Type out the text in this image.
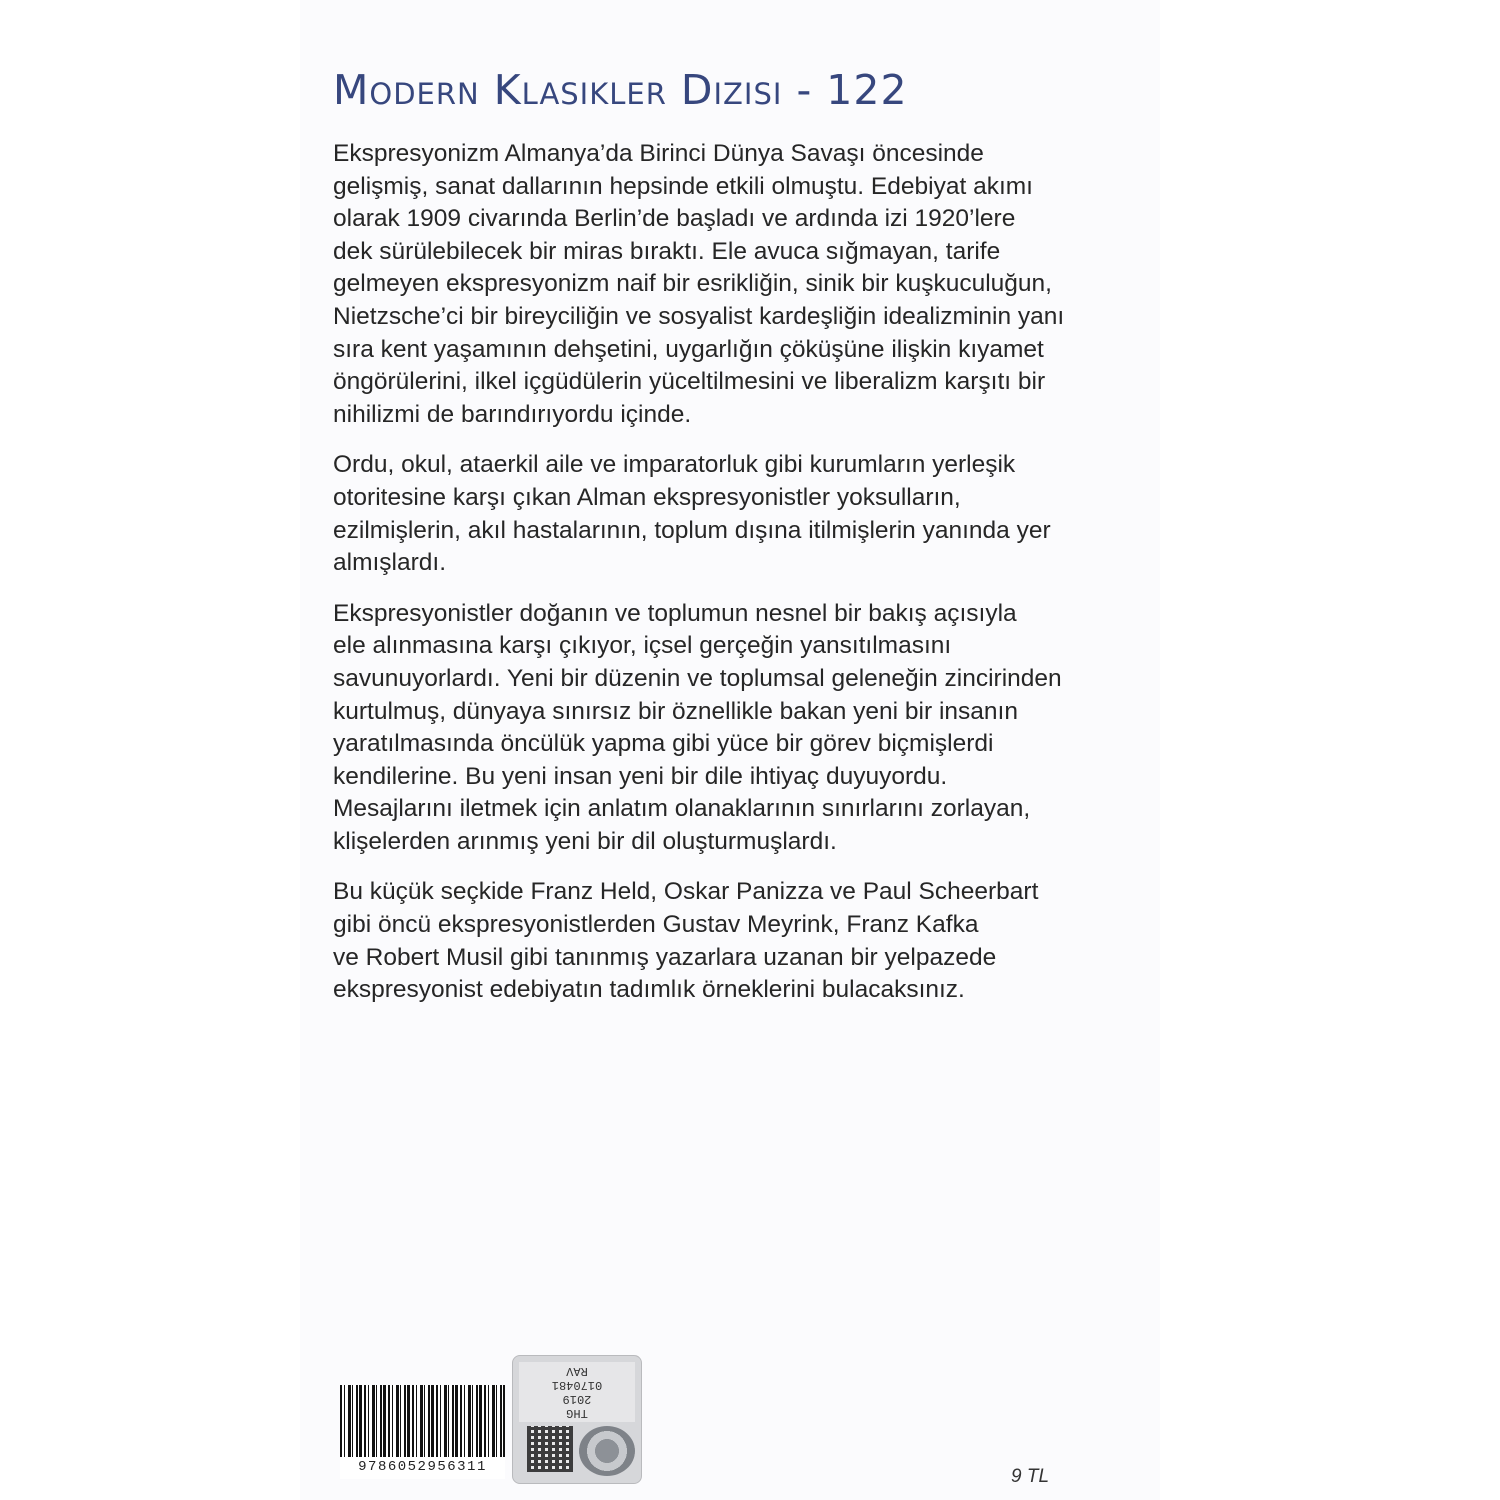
Modern Klasikler Dizisi - 122

Ekspresyonizm Almanya’da Birinci Dünya Savaşı öncesinde
gelişmiş, sanat dallarının hepsinde etkili olmuştu. Edebiyat akımı
olarak 1909 civarında Berlin’de başladı ve ardında izi 1920’lere
dek sürülebilecek bir miras bıraktı. Ele avuca sığmayan, tarife
gelmeyen ekspresyonizm naif bir esrikliğin, sinik bir kuşkuculuğun,
Nietzsche’ci bir bireyciliğin ve sosyalist kardeşliğin idealizminin yanı
sıra kent yaşamının dehşetini, uygarlığın çöküşüne ilişkin kıyamet
öngörülerini, ilkel içgüdülerin yüceltilmesini ve liberalizm karşıtı bir
nihilizmi de barındırıyordu içinde.

Ordu, okul, ataerkil aile ve imparatorluk gibi kurumların yerleşik
otoritesine karşı çıkan Alman ekspresyonistler yoksulların,
ezilmişlerin, akıl hastalarının, toplum dışına itilmişlerin yanında yer
almışlardı.

Ekspresyonistler doğanın ve toplumun nesnel bir bakış açısıyla
ele alınmasına karşı çıkıyor, içsel gerçeğin yansıtılmasını
savunuyorlardı. Yeni bir düzenin ve toplumsal geleneğin zincirinden
kurtulmuş, dünyaya sınırsız bir öznellikle bakan yeni bir insanın
yaratılmasında öncülük yapma gibi yüce bir görev biçmişlerdi
kendilerine. Bu yeni insan yeni bir dile ihtiyaç duyuyordu.
Mesajlarını iletmek için anlatım olanaklarının sınırlarını zorlayan,
klişelerden arınmış yeni bir dil oluşturmuşlardı.

Bu küçük seçkide Franz Held, Oskar Panizza ve Paul Scheerbart
gibi öncü ekspresyonistlerden Gustav Meyrink, Franz Kafka
ve Robert Musil gibi tanınmış yazarlara uzanan bir yelpazede
ekspresyonist edebiyatın tadımlık örneklerini bulacaksınız.

9786052956311
THG
2019
0170481
RAV

9 TL
